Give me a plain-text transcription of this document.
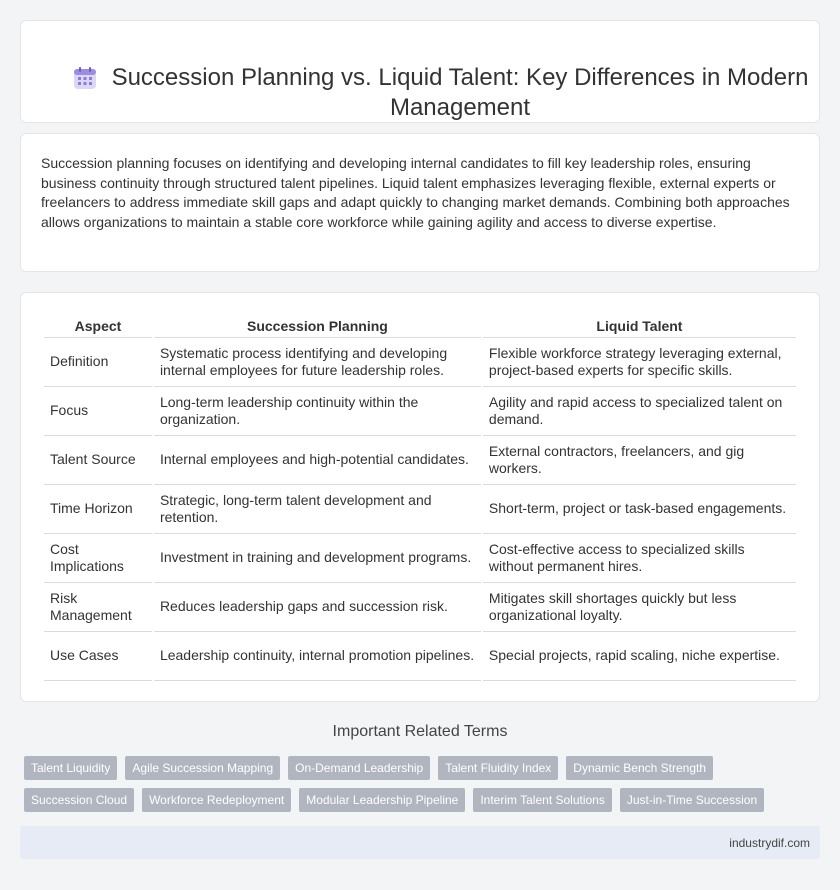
Succession Planning vs. Liquid Talent: Key Differences in Modern Management

Succession planning focuses on identifying and developing internal candidates to fill key leadership roles, ensuring business continuity through structured talent pipelines. Liquid talent emphasizes leveraging flexible, external experts or freelancers to address immediate skill gaps and adapt quickly to changing market demands. Combining both approaches allows organizations to maintain a stable core workforce while gaining agility and access to diverse expertise.

Aspect	Succession Planning	Liquid Talent
Definition	Systematic process identifying and developing internal employees for future leadership roles.	Flexible workforce strategy leveraging external, project-based experts for specific skills.
Focus	Long-term leadership continuity within the organization.	Agility and rapid access to specialized talent on demand.
Talent Source	Internal employees and high-potential candidates.	External contractors, freelancers, and gig workers.
Time Horizon	Strategic, long-term talent development and retention.	Short-term, project or task-based engagements.
Cost Implications	Investment in training and development programs.	Cost-effective access to specialized skills without permanent hires.
Risk Management	Reduces leadership gaps and succession risk.	Mitigates skill shortages quickly but less organizational loyalty.
Use Cases	Leadership continuity, internal promotion pipelines.	Special projects, rapid scaling, niche expertise.
Important Related Terms
Talent Liquidity	Agile Succession Mapping	On-Demand Leadership	Talent Fluidity Index	Dynamic Bench Strength
Succession Cloud	Workforce Redeployment	Modular Leadership Pipeline	Interim Talent Solutions	Just-in-Time Succession
industrydif.com
